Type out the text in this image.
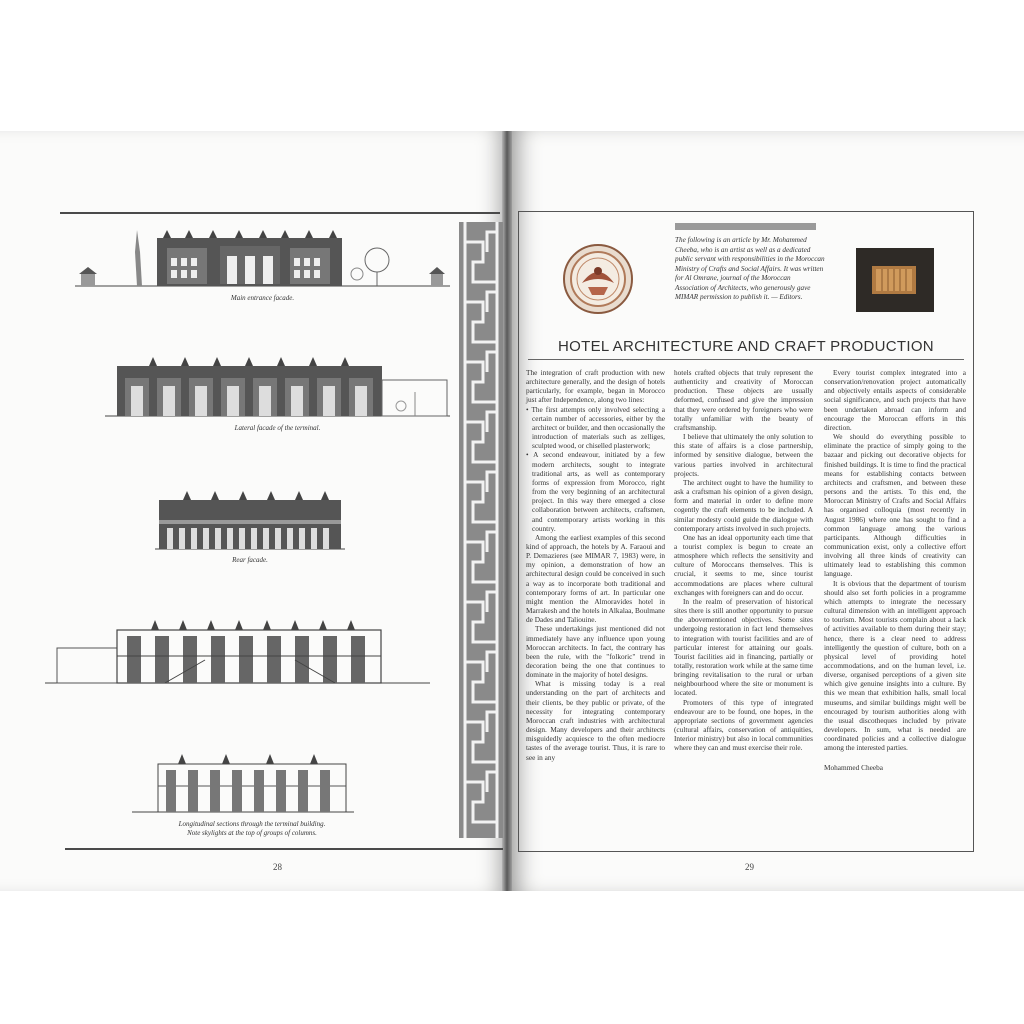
Main entrance facade.
Lateral facade of the terminal.
Rear facade.
Longitudinal sections through the terminal building.
Note skylights at the top of groups of columns.
28
The following is an article by Mr. Mohammed Cheeba, who is an artist as well as a dedicated public servant with responsibilities in the Moroccan Ministry of Crafts and Social Affairs. It was written for Al Omrane, journal of the Moroccan Association of Architects, who generously gave MIMAR permission to publish it. — Editors.
HOTEL ARCHITECTURE AND CRAFT PRODUCTION

The integration of craft production with new architecture generally, and the design of hotels particularly, for example, began in Morocco just after Independence, along two lines:

• The first attempts only involved selecting a certain number of accessories, either by the architect or builder, and then occasionally the introduction of materials such as zelliges, sculpted wood, or chiselled plasterwork;
• A second endeavour, initiated by a few modern architects, sought to integrate traditional arts, as well as contemporary forms of expression from Morocco, right from the very beginning of an architectural project. In this way there emerged a close collaboration between architects, craftsmen, and contemporary artists working in this country.

Among the earliest examples of this second kind of approach, the hotels by A. Faraoui and P. Demazieres (see MIMAR 7, 1983) were, in my opinion, a demonstration of how an architectural design could be conceived in such a way as to incorporate both traditional and contemporary forms of art. In particular one might mention the Almoravides hotel in Marrakesh and the hotels in Alkalaa, Boulmane de Dades and Taliouine.

These undertakings just mentioned did not immediately have any influence upon young Moroccan architects. In fact, the contrary has been the rule, with the "folkoric" trend in decoration being the one that continues to dominate in the majority of hotel designs.

What is missing today is a real understanding on the part of architects and their clients, be they public or private, of the necessity for integrating contemporary Moroccan craft industries with architectural design. Many developers and their architects misguidedly acquiesce to the often mediocre tastes of the average tourist. Thus, it is rare to see in any

hotels crafted objects that truly represent the authenticity and creativity of Moroccan production. These objects are usually deformed, confused and give the impression that they were ordered by foreigners who were totally unfamiliar with the beauty of craftsmanship.

I believe that ultimately the only solution to this state of affairs is a close partnership, informed by sensitive dialogue, between the various parties involved in architectural projects.

The architect ought to have the humility to ask a craftsman his opinion of a given design, form and material in order to define more cogently the craft elements to be included. A similar modesty could guide the dialogue with contemporary artists involved in such projects.

One has an ideal opportunity each time that a tourist complex is begun to create an atmosphere which reflects the sensitivity and culture of Moroccans themselves. This is crucial, it seems to me, since tourist accommodations are places where cultural exchanges with foreigners can and do occur.

In the realm of preservation of historical sites there is still another opportunity to pursue the abovementioned objectives. Some sites undergoing restoration in fact lend themselves to integration with tourist facilities and are of particular interest for attaining our goals. Tourist facilities aid in financing, partially or totally, restoration work while at the same time bringing revitalisation to the rural or urban neighbourhood where the site or monument is located.

Promoters of this type of integrated endeavour are to be found, one hopes, in the appropriate sections of government agencies (cultural affairs, conservation of antiquities, Interior ministry) but also in local communities where they can and must exercise their role.

Every tourist complex integrated into a conservation/renovation project automatically and objectively entails aspects of considerable social significance, and such projects that have been undertaken abroad can inform and encourage the Moroccan efforts in this direction.

We should do everything possible to eliminate the practice of simply going to the bazaar and picking out decorative objects for finished buildings. It is time to find the practical means for establishing contacts between architects and craftsmen, and between these persons and the artists. To this end, the Moroccan Ministry of Crafts and Social Affairs has organised colloquia (most recently in August 1986) where one has sought to find a common language among the various participants. Although difficulties in communication exist, only a collective effort involving all three kinds of creativity can ultimately lead to establishing this common language.

It is obvious that the department of tourism should also set forth policies in a programme which attempts to integrate the necessary cultural dimension with an intelligent approach to tourism. Most tourists complain about a lack of activities available to them during their stay; hence, there is a clear need to address intelligently the question of culture, both on a physical level of providing hotel accommodations, and on the human level, i.e. diverse, organised perceptions of a given site which give genuine insights into a culture. By this we mean that exhibition halls, small local museums, and similar buildings might well be encouraged by tourism authorities along with the usual discotheques included by private developers. In sum, what is needed are coordinated policies and a collective dialogue among the interested parties.

Mohammed Cheeba

29
